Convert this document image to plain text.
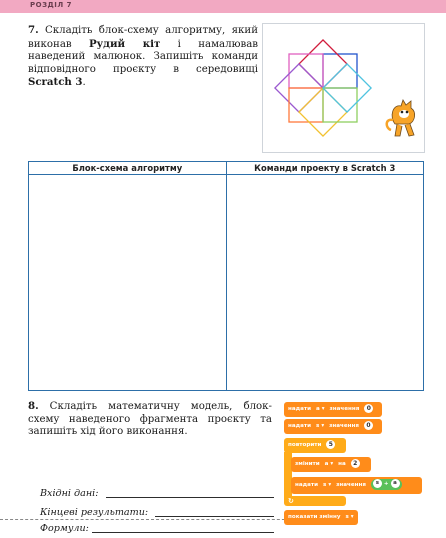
РОЗДІЛ 7
7. Складіть блок-схему алгоритму, який виконав Рудий кіт і намалював наведений малюнок. Запишіть команди відповідного проєкту в середовищі Scratch 3.
Блок-схема алгоритму	Команди проекту в Scratch 3

8. Складіть математичну модель, блок-схему наведеного фрагмента проєкту та запишіть хід його виконання.
Вхідні дані:
Кінцеві результати:
Формули:
надати а ▾ значення 0
надати s ▾ значення 0
повторити 5
змінити а ▾ на 2
надати s ▾ значення s + а
↻
показати змінну s ▾
